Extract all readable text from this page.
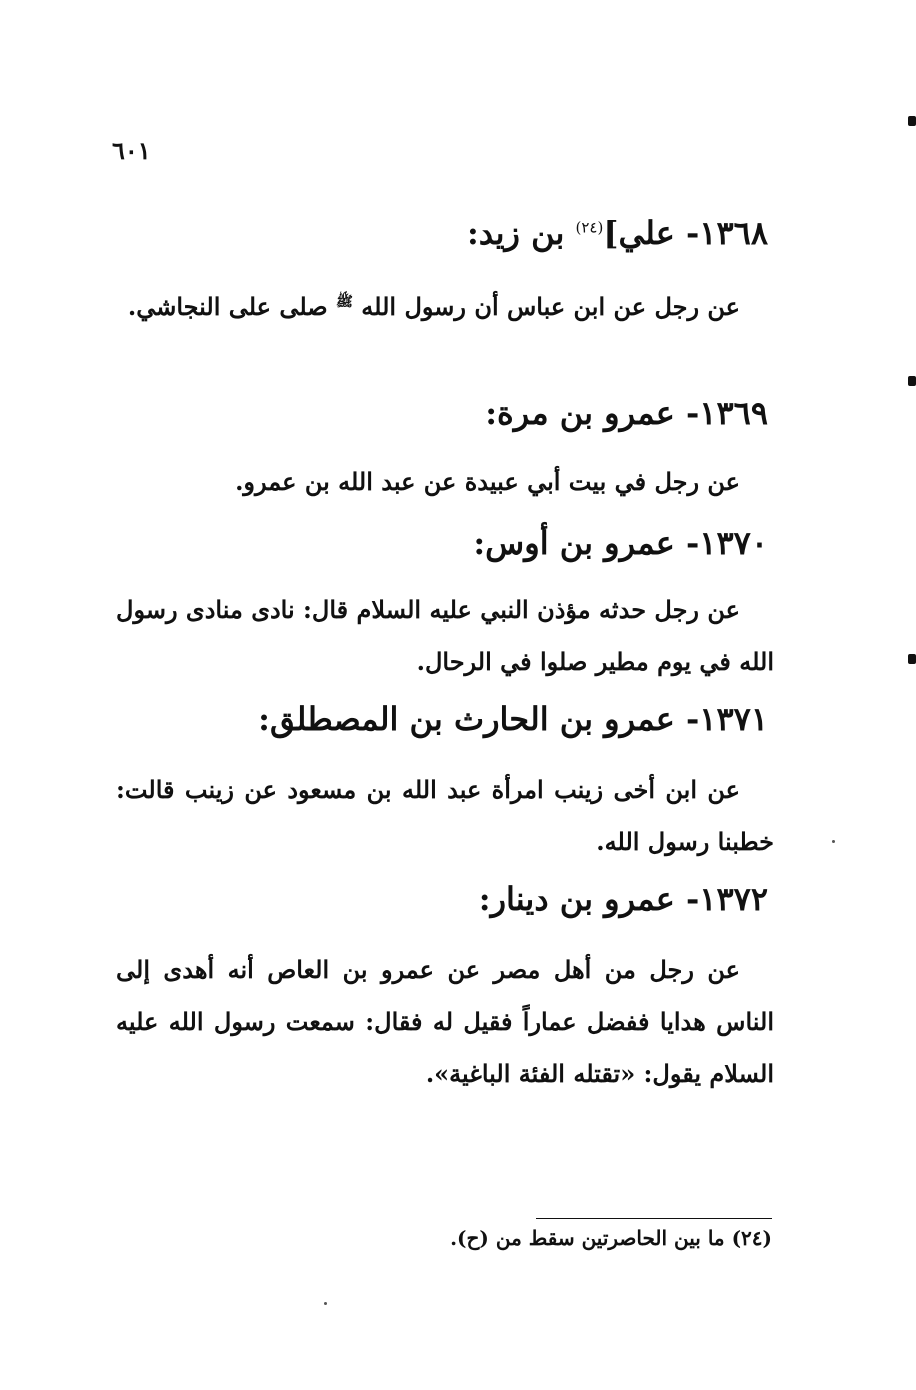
٦٠١
١٣٦٨- علي]$^{(٢٤)}$ بن زيد:
عن رجل عن ابن عباس أن رسول الله $^ﷺ$ صلى على النجاشي.
١٣٦٩- عمرو بن مرة:
عن رجل في بيت أبي عبيدة عن عبد الله بن عمرو.
١٣٧٠- عمرو بن أوس:
عن رجل حدثه مؤذن النبي عليه السلام قال: نادى منادى رسول الله في يوم مطير صلوا في الرحال.
١٣٧١- عمرو بن الحارث بن المصطلق:
عن ابن أخى زينب امرأة عبد الله بن مسعود عن زينب قالت: خطبنا رسول الله.
١٣٧٢- عمرو بن دينار:
عن رجل من أهل مصر عن عمرو بن العاص أنه أهدى إلى الناس هدايا ففضل عماراً فقيل له فقال: سمعت رسول الله عليه السلام يقول: «تقتله الفئة الباغية».
(٢٤) ما بين الحاصرتين سقط من (ح).
